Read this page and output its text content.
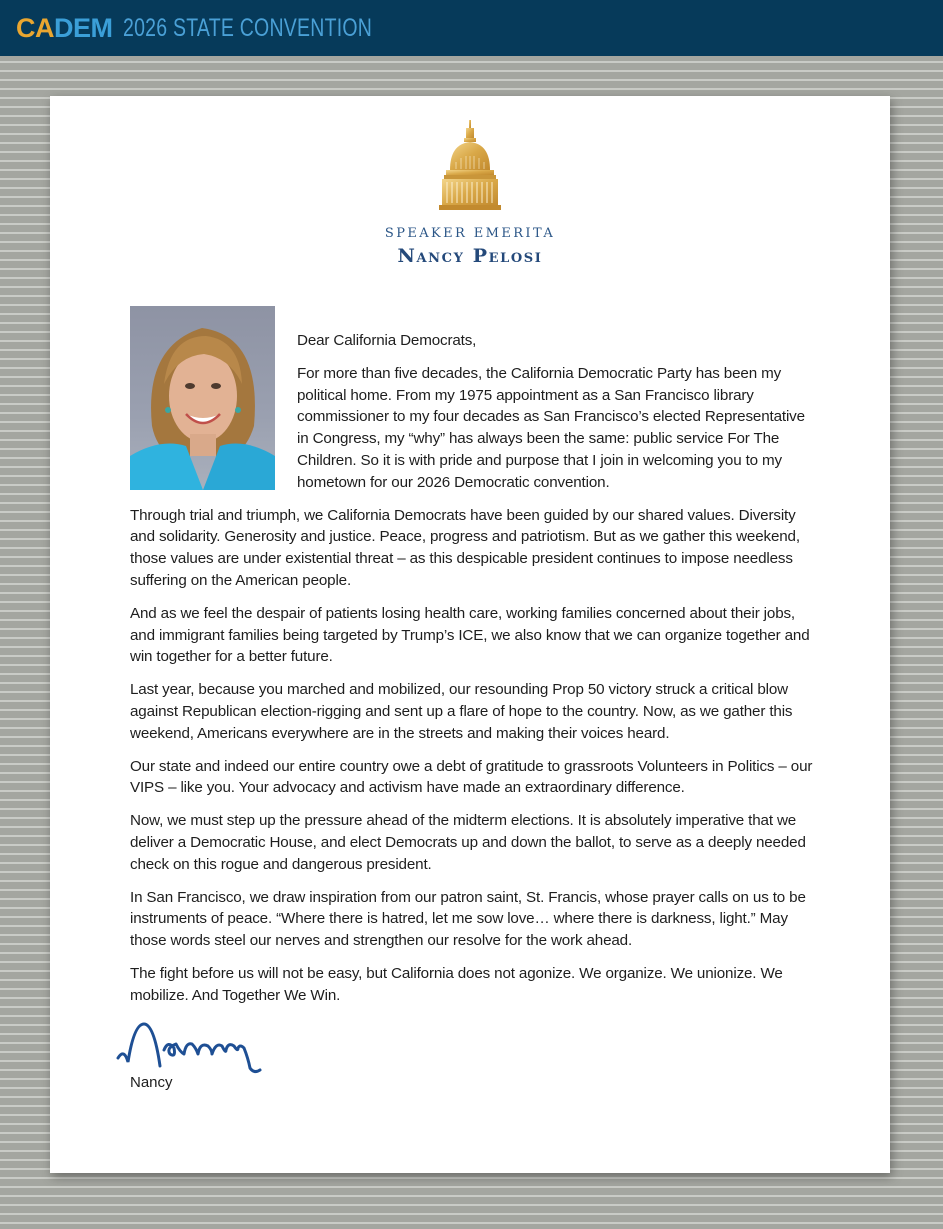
CA DEM 2026 STATE CONVENTION
SPEAKER EMERITA
Nancy Pelosi

Dear California Democrats,

For more than five decades, the California Democratic Party has been my political home. From my 1975 appointment as a San Francisco library commissioner to my four decades as San Francisco’s elected Representative in Congress, my “why” has always been the same: public service For The Children. So it is with pride and purpose that I join in welcoming you to my hometown for our 2026 Democratic convention.

Through trial and triumph, we California Democrats have been guided by our shared values. Diversity and solidarity. Generosity and justice. Peace, progress and patriotism. But as we gather this weekend, those values are under existential threat – as this despicable president continues to impose needless suffering on the American people.

And as we feel the despair of patients losing health care, working families concerned about their jobs, and immigrant families being targeted by Trump’s ICE, we also know that we can organize together and win together for a better future.

Last year, because you marched and mobilized, our resounding Prop 50 victory struck a critical blow against Republican election-rigging and sent up a flare of hope to the country. Now, as we gather this weekend, Americans everywhere are in the streets and making their voices heard.

Our state and indeed our entire country owe a debt of gratitude to grassroots Volunteers in Politics – our VIPS – like you. Your advocacy and activism have made an extraordinary difference.

Now, we must step up the pressure ahead of the midterm elections. It is absolutely imperative that we deliver a Democratic House, and elect Democrats up and down the ballot, to serve as a deeply needed check on this rogue and dangerous president.

In San Francisco, we draw inspiration from our patron saint, St. Francis, whose prayer calls on us to be instruments of peace. “Where there is hatred, let me sow love… where there is darkness, light.” May those words steel our nerves and strengthen our resolve for the work ahead.

The fight before us will not be easy, but California does not agonize. We organize. We unionize. We mobilize. And Together We Win.

Nancy
